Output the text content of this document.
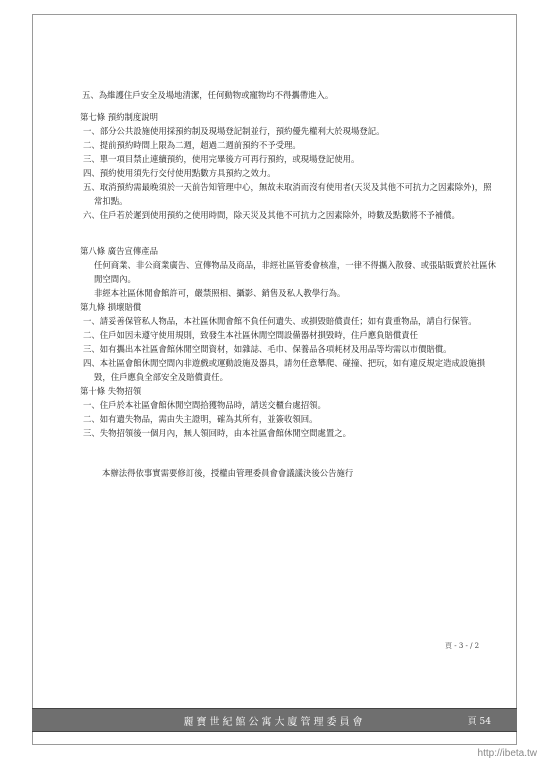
五、為維護住戶安全及場地清潔，任何動物或寵物均不得攜帶進入。

第七條 預約制度說明

一、部分公共設施使用採預約制及現場登記制並行，預約優先權利大於現場登記。

二、提前預約時間上限為二週，超過二週前預約不予受理。

三、單一項目禁止連續預約，使用完畢後方可再行預約，或現場登記使用。

四、預約使用須先行交付使用點數方具預約之效力。

五、取消預約需最晚須於一天前告知管理中心，無故未取消而沒有使用者(天災及其他不可抗力之因素除外)，照常扣點。

六、住戶若於遲到使用預約之使用時間，除天災及其他不可抗力之因素除外，時數及點數將不予補償。

第八條 廣告宣傳產品

任何商業、非公商業廣告、宣傳物品及商品，非經社區管委會核准，一律不得攜入散發、或張貼販賣於社區休閒空間內。

非經本社區休閒會館許可，嚴禁照相、攝影、銷售及私人教學行為。

第九條 損壞賠償

一、請妥善保管私人物品，本社區休閒會館不負任何遺失、或損毀賠償責任；如有貴重物品，請自行保管。

二、住戶如因未遵守使用規則，致發生本社區休閒空間設備器材損毀時，住戶應負賠償責任

三、如有攜出本社區會館休閒空間資材，如雜誌、毛巾、保養品各項耗材及用品等均需以市價賠償。

四、本社區會館休閒空間內非遊戲或運動設施及器具，請勿任意攀爬、碰撞、把玩，如有違反規定造成設施損毀，住戶應負全部安全及賠償責任。

第十條 失物招領

一、住戶於本社區會館休閒空間拾獲物品時，請送交櫃台處招領。

二、如有遺失物品，需由失主證明，確為其所有，並簽收領回。

三、失物招領後一個月內，無人領回時，由本社區會館休閒空間處置之。

本辦法得依事實需要修訂後，授權由管理委員會會議議決後公告施行

頁 - 3 - / 2
麗寶世紀館公寓大廈管理委員會	頁 54
http://ibeta.tw
